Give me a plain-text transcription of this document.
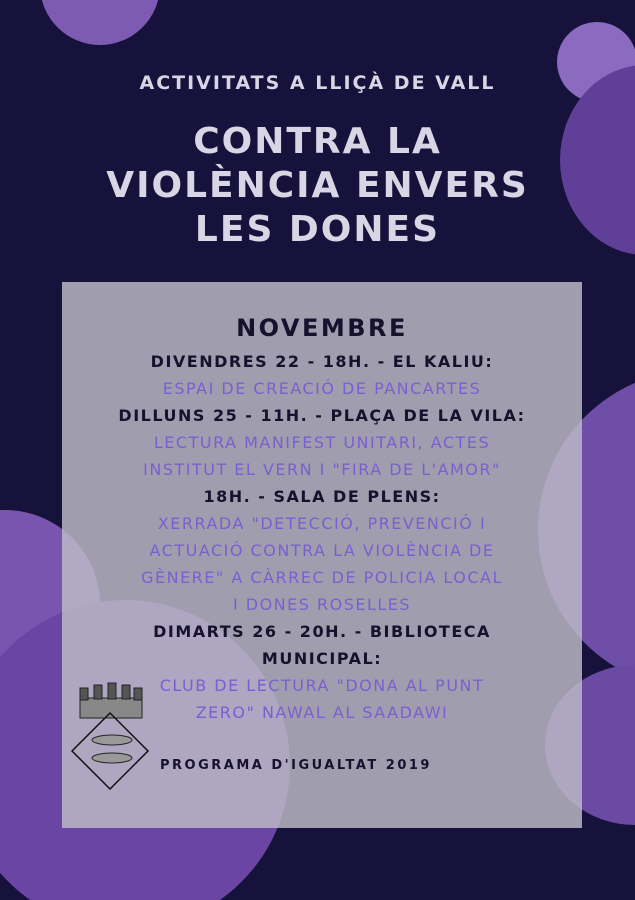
ACTIVITATS A LLIÇÀ DE VALL
CONTRA LA
VIOLÈNCIA ENVERS
LES DONES
NOVEMBRE
PROGRAMA D'IGUALTAT 2019
DIVENDRES 22 - 18H. - EL KALIU:
ESPAI DE CREACIÓ DE PANCARTES
DILLUNS 25 - 11H. - PLAÇA DE LA VILA:
LECTURA MANIFEST UNITARI, ACTES
INSTITUT EL VERN I "FIRA DE L'AMOR"
18H. - SALA DE PLENS:
XERRADA "DETECCIÓ, PREVENCIÓ I
ACTUACIÓ CONTRA LA VIOLÈNCIA DE
GÈNERE" A CÀRREC DE POLICIA LOCAL
I DONES ROSELLES
DIMARTS 26 - 20H. - BIBLIOTECA
MUNICIPAL:
CLUB DE LECTURA "DONA AL PUNT
ZERO" NAWAL AL SAADAWI
